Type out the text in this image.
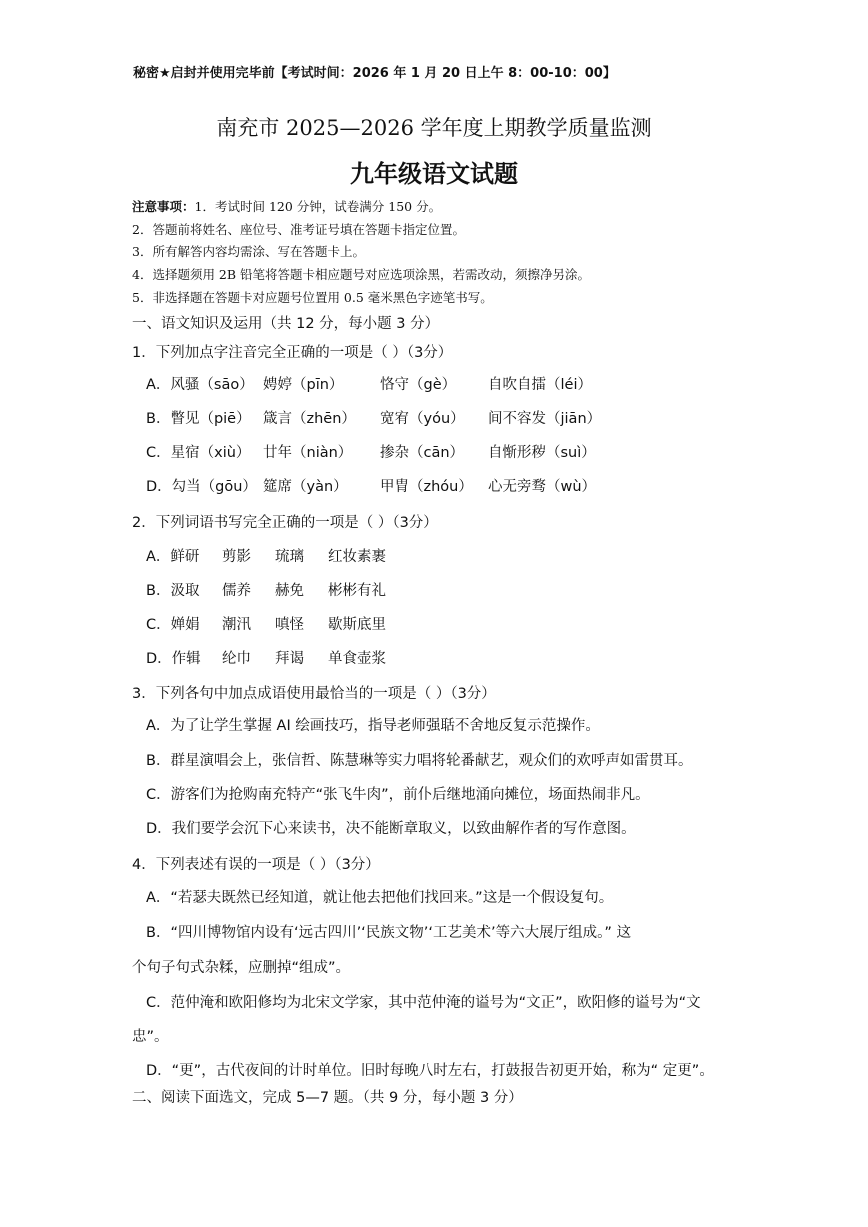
秘密★启封并使用完毕前【考试时间：2026 年 1 月 20 日上午 8：00-10：00】
南充市 2025—2026 学年度上期教学质量监测
九年级语文试题
注意事项：1．考试时间 120 分钟，试卷满分 150 分。
2．答题前将姓名、座位号、准考证号填在答题卡指定位置。
3．所有解答内容均需涂、写在答题卡上。
4．选择题须用 2B 铅笔将答题卡相应题号对应选项涂黑，若需改动，须擦净另涂。
5．非选择题在答题卡对应题号位置用 0.5 毫米黑色字迹笔书写。
一、语文知识及运用（共 12 分，每小题 3 分）
1．下列加点字注音完全正确的一项是（ ）（3分）
A．风骚（sāo） 娉婷（pīn）	恪守（gè） 自吹自擂（léi）
B．瞥见（piē） 箴言（zhēn） 宽宥（yóu） 间不容发（jiān）
C．星宿（xiù） 廿年（niàn） 掺杂（cān） 自惭形秽（suì）
D．勾当（gōu） 筵席（yàn） 甲胄（zhóu） 心无旁骛（wù）
2．下列词语书写完全正确的一项是（ ）（3分）
A．鲜研 剪影 琉璃 红妆素裹
B．汲取 儒养 赫免 彬彬有礼
C．婵娟 潮汛 嗔怪 歇斯底里
D．作辑 纶巾 拜谒 单食壶浆
3．下列各句中加点成语使用最恰当的一项是（ ）（3分）
A．为了让学生掌握 AI 绘画技巧，指导老师强聒不舍地反复示范操作。
B．群星演唱会上，张信哲、陈慧琳等实力唱将轮番献艺，观众们的欢呼声如雷贯耳。
C．游客们为抢购南充特产“张飞牛肉”，前仆后继地涌向摊位，场面热闹非凡。
D．我们要学会沉下心来读书，决不能断章取义，以致曲解作者的写作意图。
4．下列表述有误的一项是（ ）（3分）
A．“若瑟夫既然已经知道，就让他去把他们找回来。”这是一个假设复句。
B．“四川博物馆内设有‘远古四川’‘民族文物’‘工艺美术’等六大展厅组成。” 这
个句子句式杂糅，应删掉“组成”。
C．范仲淹和欧阳修均为北宋文学家，其中范仲淹的谥号为“文正”，欧阳修的谥号为“文
忠”。
D．“更”，古代夜间的计时单位。旧时每晚八时左右，打鼓报告初更开始，称为“ 定更”。
二、阅读下面选文，完成 5—7 题。（共 9 分，每小题 3 分）
